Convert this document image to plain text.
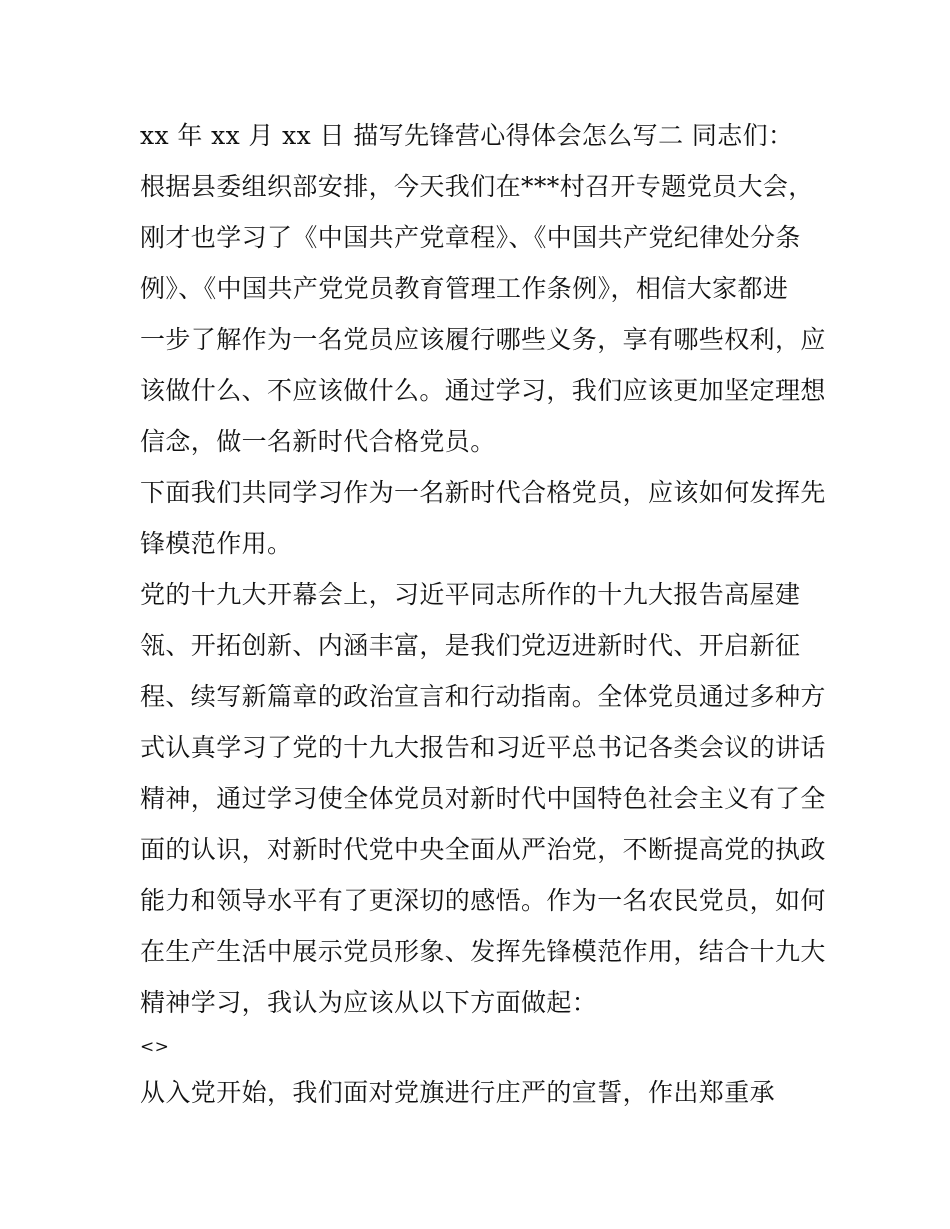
xx 年 xx 月 xx 日 描写先锋营心得体会怎么写二 同志们：
根据县委组织部安排，今天我们在***村召开专题党员大会，
刚才也学习了《中国共产党章程》、《中国共产党纪律处分条
例》、《中国共产党党员教育管理工作条例》，相信大家都进
一步了解作为一名党员应该履行哪些义务，享有哪些权利，应
该做什么、不应该做什么。通过学习，我们应该更加坚定理想
信念，做一名新时代合格党员。
下面我们共同学习作为一名新时代合格党员，应该如何发挥先
锋模范作用。
党的十九大开幕会上，习近平同志所作的十九大报告高屋建
瓴、开拓创新、内涵丰富，是我们党迈进新时代、开启新征
程、续写新篇章的政治宣言和行动指南。全体党员通过多种方
式认真学习了党的十九大报告和习近平总书记各类会议的讲话
精神，通过学习使全体党员对新时代中国特色社会主义有了全
面的认识，对新时代党中央全面从严治党，不断提高党的执政
能力和领导水平有了更深切的感悟。作为一名农民党员，如何
在生产生活中展示党员形象、发挥先锋模范作用，结合十九大
精神学习，我认为应该从以下方面做起：
<>
从入党开始，我们面对党旗进行庄严的宣誓，作出郑重承
